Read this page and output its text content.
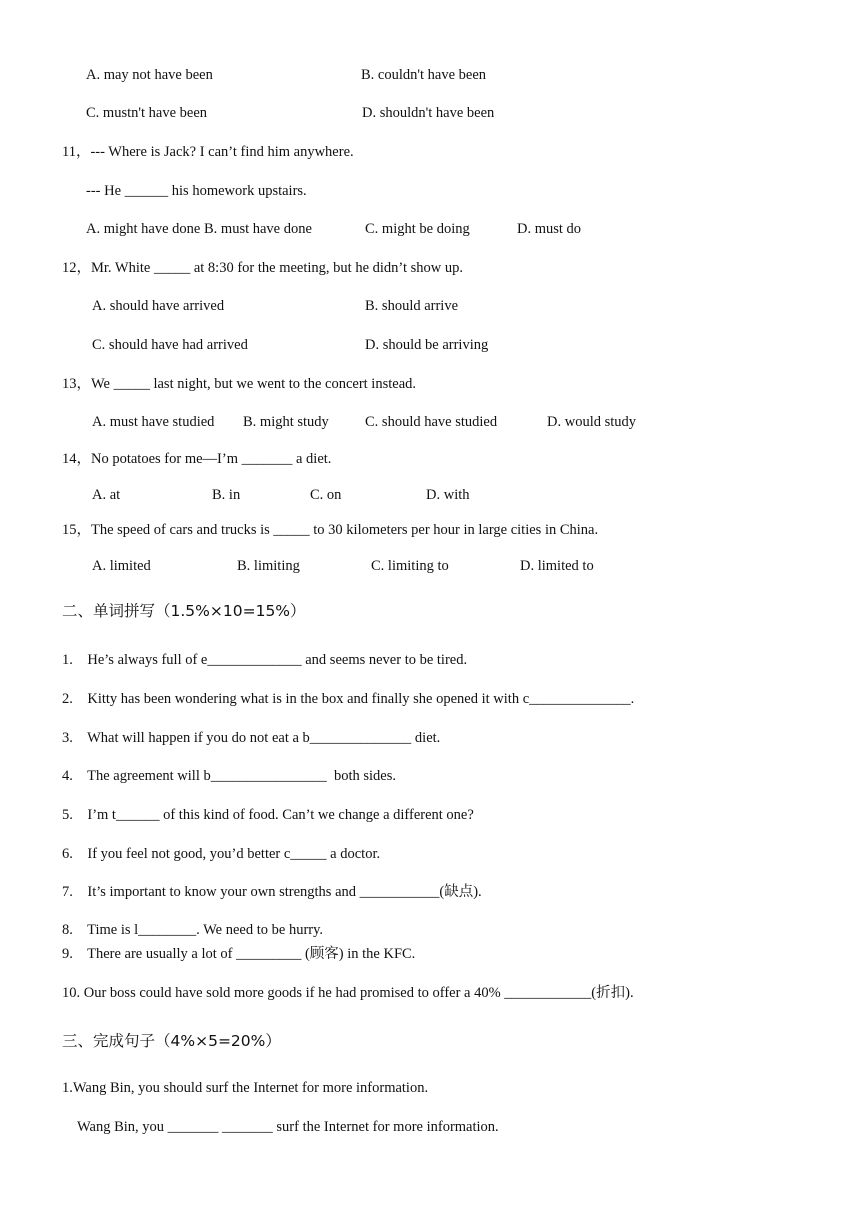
A. may not have been	B. couldn't have been
C. mustn't have been	D. shouldn't have been
11，--- Where is Jack? I can’t find him anywhere.
--- He ______ his homework upstairs.
A. might have done B. must have done	C. might be doing	D. must do
12，Mr. White _____ at 8:30 for the meeting, but he didn’t show up.
A. should have arrived	B. should arrive
C. should have had arrived	D. should be arriving
13，We _____ last night, but we went to the concert instead.
A. must have studied B. might study C. should have studied	D. would study
14，No potatoes for me—I’m _______ a diet.
A. at	B. in	C. on	D. with
15，The speed of cars and trucks is _____ to 30 kilometers per hour in large cities in China.
A. limited	B. limiting	C. limiting to	D. limited to
二、单词拼写（1.5%×10=15%）
1.    He’s always full of e_____________ and seems never to be tired.
2.    Kitty has been wondering what is in the box and finally she opened it with c______________.
3.    What will happen if you do not eat a b______________ diet.
4.    The agreement will b________________  both sides.
5.    I’m t______ of this kind of food. Can’t we change a different one?
6.    If you feel not good, you’d better c_____ a doctor.
7.    It’s important to know your own strengths and ___________(缺点).
8.    Time is l________. We need to be hurry.
9.    There are usually a lot of _________ (顾客) in the KFC.
10. Our boss could have sold more goods if he had promised to offer a 40% ____________(折扣).
三、完成句子（4%×5=20%）
1.Wang Bin, you should surf the Internet for more information.
Wang Bin, you _______ _______ surf the Internet for more information.
